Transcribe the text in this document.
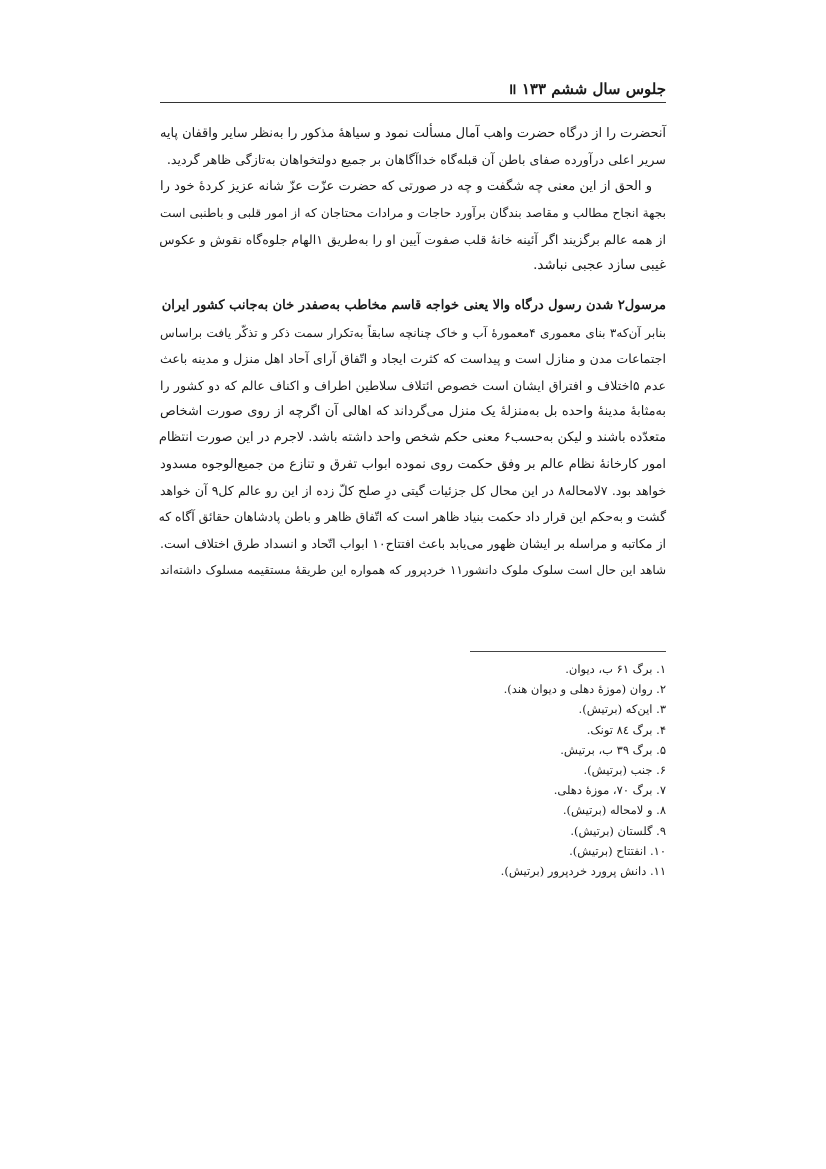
جلوس سال ششم ॥ ۱۳۳
آنحضرت را از درگاه حضرت واهب آمال مسألت نمود و سیاههٔ مذکور را به‌نظر سایر واقفان پایه
سریر اعلی درآورده صفای باطن آن قبله‌گاه خداآگاهان بر جمیع دولتخواهان به‌تازگی ظاهر گردید.
و الحق از این معنی چه شگفت و چه در صورتی که حضرت عزّت عزّ شانه عزیز کردهٔ خود را
بجهة انجاح مطالب و مقاصد بندگان برآورد حاجات و مرادات محتاجان که از امور قلبی و باطنبی است
از همه عالم برگزیند اگر آئینه خانهٔ قلب صفوت آیین او را به‌طریق ۱الهام جلوه‌گاه نقوش و عکوس
غیبی سازد عجبی نباشد.
مرسول۲ شدن رسول درگاه والا یعنی خواجه قاسم مخاطب به‌صفدر خان به‌جانب کشور ایران
بنابر آن‌که۳ بنای معموری ۴معمورهٔ آب و خاک چنانچه سابقاً به‌تکرار سمت ذکر و تذکّر یافت براساس
اجتماعات مدن و منازل است و پیداست که کثرت ایجاد و اتّفاق آرای آحاد اهل منزل و مدینه باعث
عدم ۵اختلاف و افتراق ایشان است خصوص ائتلاف سلاطین اطراف و اکناف عالم که دو کشور را
به‌مثابهٔ مدینهٔ واحده بل به‌منزلهٔ یک منزل می‌گرداند که اهالی آن اگرچه از روی صورت اشخاص
متعدّده باشند و لیکن به‌حسب۶ معنی حکم شخص واحد داشته باشد. لاجرم در این صورت انتظام
امور کارخانهٔ نظام عالم بر وفق حکمت روی نموده ابواب تفرق و تنازع من جمیع‌الوجوه مسدود
خواهد بود. ۷لامحاله۸ در این محال کل جزئیات گیتی درِ صلح کلّ زده از این رو عالم کل۹ آن خواهد
گشت و به‌حکم این قرار داد حکمت بنیاد ظاهر است که اتّفاق ظاهر و باطن پادشاهان حقائق آگاه که
از مکاتبه و مراسله بر ایشان ظهور می‌یابد باعث افتتاح۱۰ ابواب اتّحاد و انسداد طرق اختلاف است.
شاهد این حال است سلوک ملوک دانشور۱۱ خردپرور که همواره این طریقهٔ مستقیمه مسلوک داشته‌اند
۱. برگ ۶۱ ب، دیوان.
۲. روان (موزهٔ دهلی و دیوان هند).
۳. این‌که (برتیش).
۴. برگ ۸٤ تونک.
۵. برگ ۳۹ ب، برتیش.
۶. جنب (برتیش).
۷. برگ ۷۰، موزهٔ دهلی.
۸. و لامحاله (برتیش).
۹. گلستان (برتیش).
۱۰. انفتتاح (برتیش).
۱۱. دانش پرورد خردپرور (برتیش).
